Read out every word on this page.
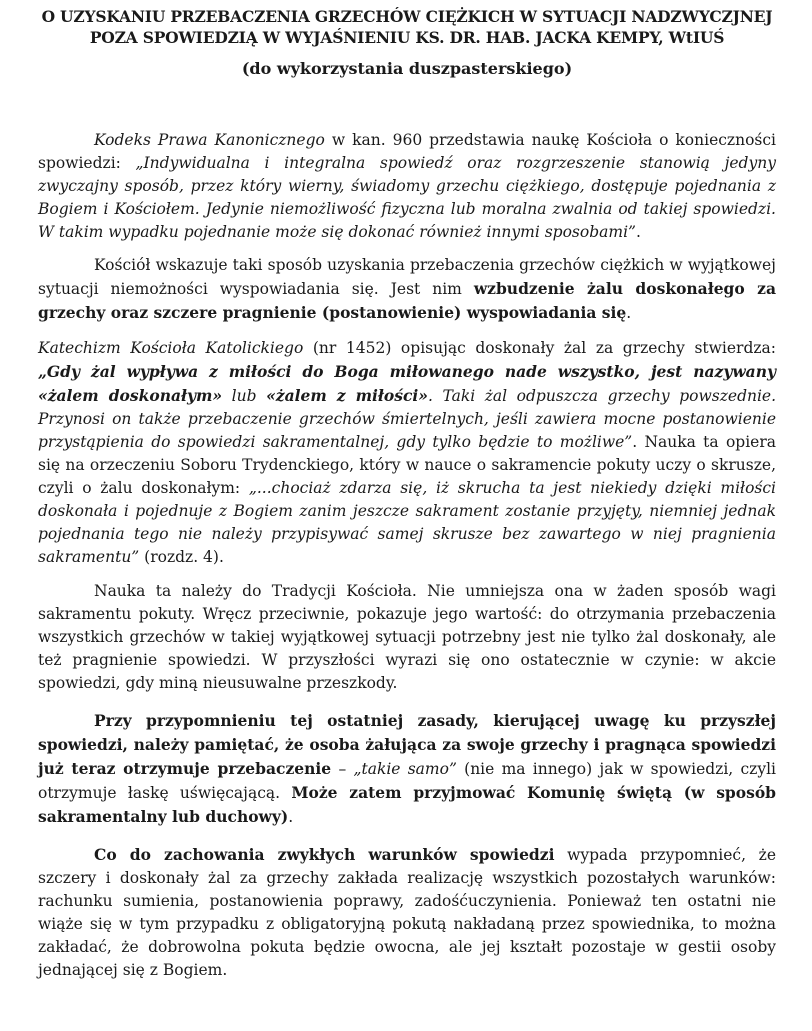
O UZYSKANIU PRZEBACZENIA GRZECHÓW CIĘŻKICH W SYTUACJI NADZWYCZJNEJ
POZA SPOWIEDZIĄ W WYJAŚNIENIU KS. DR. HAB. JACKA KEMPY, WtIUŚ
(do wykorzystania duszpasterskiego)

Kodeks Prawa Kanonicznego w kan. 960 przedstawia naukę Kościoła o konieczności spowiedzi: „Indywidualna i integralna spowiedź oraz rozgrzeszenie stanowią jedyny zwyczajny sposób, przez który wierny, świadomy grzechu ciężkiego, dostępuje pojednania z Bogiem i Kościołem. Jedynie niemożliwość fizyczna lub moralna zwalnia od takiej spowiedzi. W takim wypadku pojednanie może się dokonać również innymi sposobami”.

Kościół wskazuje taki sposób uzyskania przebaczenia grzechów ciężkich w wyjątkowej sytuacji niemożności wyspowiadania się. Jest nim wzbudzenie żalu doskonałego za grzechy oraz szczere pragnienie (postanowienie) wyspowiadania się.

Katechizm Kościoła Katolickiego (nr 1452) opisując doskonały żal za grzechy stwierdza: „Gdy żal wypływa z miłości do Boga miłowanego nade wszystko, jest nazywany «żalem doskonałym» lub «żalem z miłości». Taki żal odpuszcza grzechy powszednie. Przynosi on także przebaczenie grzechów śmiertelnych, jeśli zawiera mocne postanowienie przystąpienia do spowiedzi sakramentalnej, gdy tylko będzie to możliwe”. Nauka ta opiera się na orzeczeniu Soboru Trydenckiego, który w nauce o sakramencie pokuty uczy o skrusze, czyli o żalu doskonałym: „...chociaż zdarza się, iż skrucha ta jest niekiedy dzięki miłości doskonała i pojednuje z Bogiem zanim jeszcze sakrament zostanie przyjęty, niemniej jednak pojednania tego nie należy przypisywać samej skrusze bez zawartego w niej pragnienia sakramentu” (rozdz. 4).

Nauka ta należy do Tradycji Kościoła. Nie umniejsza ona w żaden sposób wagi sakramentu pokuty. Wręcz przeciwnie, pokazuje jego wartość: do otrzymania przebaczenia wszystkich grzechów w takiej wyjątkowej sytuacji potrzebny jest nie tylko żal doskonały, ale też pragnienie spowiedzi. W przyszłości wyrazi się ono ostatecznie w czynie: w akcie spowiedzi, gdy miną nieusuwalne przeszkody.

Przy przypomnieniu tej ostatniej zasady, kierującej uwagę ku przyszłej spowiedzi, należy pamiętać, że osoba żałująca za swoje grzechy i pragnąca spowiedzi już teraz otrzymuje przebaczenie – „takie samo” (nie ma innego) jak w spowiedzi, czyli otrzymuje łaskę uświęcającą. Może zatem przyjmować Komunię świętą (w sposób sakramentalny lub duchowy).

Co do zachowania zwykłych warunków spowiedzi wypada przypomnieć, że szczery i doskonały żal za grzechy zakłada realizację wszystkich pozostałych warunków: rachunku sumienia, postanowienia poprawy, zadośćuczynienia. Ponieważ ten ostatni nie wiąże się w tym przypadku z obligatoryjną pokutą nakładaną przez spowiednika, to można zakładać, że dobrowolna pokuta będzie owocna, ale jej kształt pozostaje w gestii osoby jednającej się z Bogiem.
